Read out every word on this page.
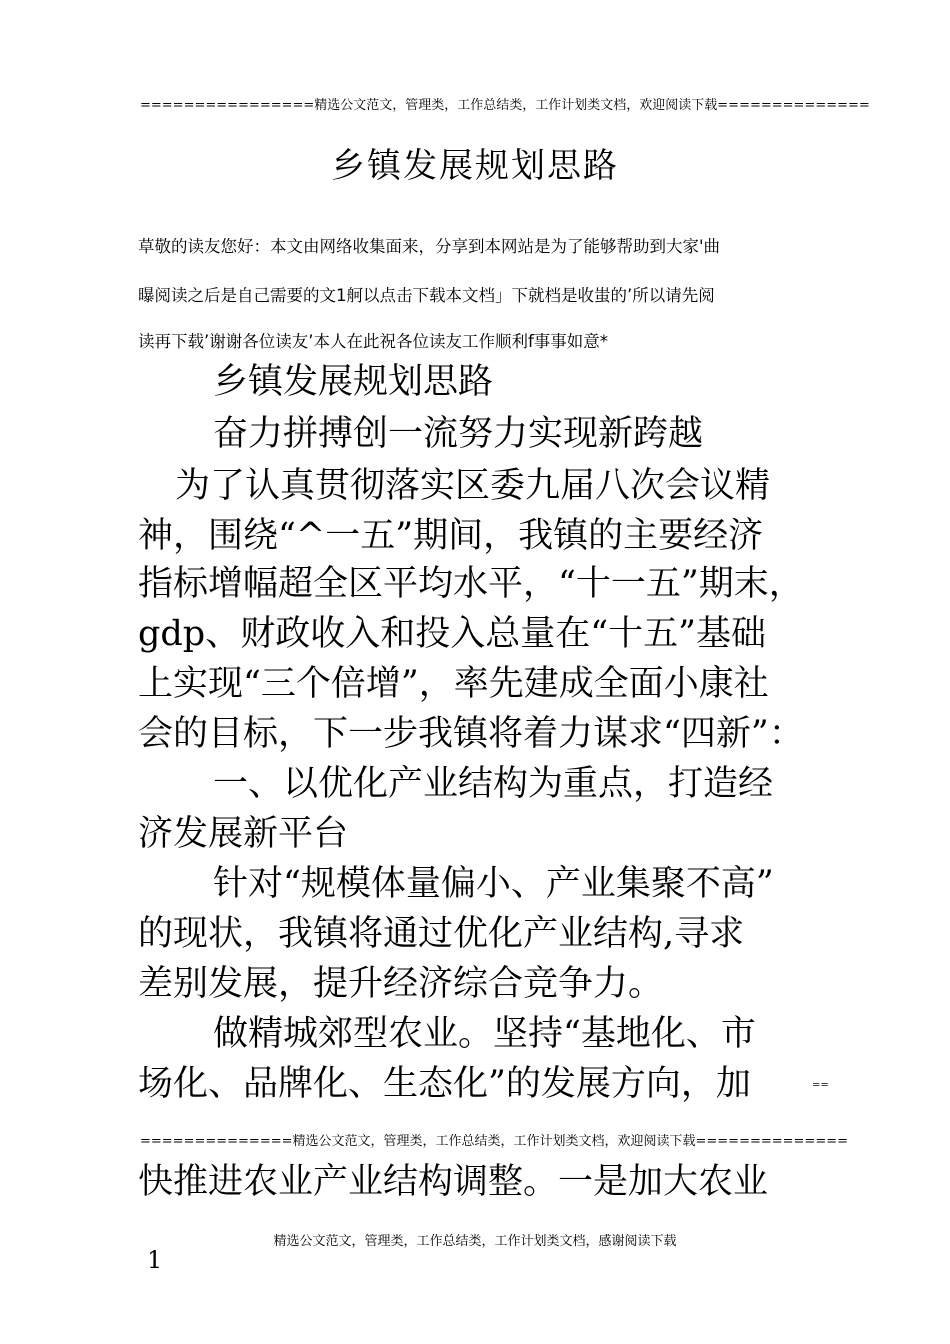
================精选公文范文，管理类，工作总结类，工作计划类文档，欢迎阅读下载==============
乡镇发展规划思路
草敬的读友您好：本文由网络收集面来，分享到本网站是为了能够帮助到大家'曲
曝阅读之后是自己需要的文1舸以点击下载本文档」下就档是收蚩的’所以请先阅
读再下载’谢谢各位读友’本人在此祝各位读友工作顺利f事事如意*
乡镇发展规划思路
奋力拼搏创一流努力实现新跨越
为了认真贯彻落实区委九届八次会议精
神，围绕“^一五”期间，我镇的主要经济
指标增幅超全区平均水平，“十一五”期末，
gdp、财政收入和投入总量在“十五”基础
上实现“三个倍增”，率先建成全面小康社
会的目标，下一步我镇将着力谋求“四新”：
一、以优化产业结构为重点，打造经
济发展新平台
针对“规模体量偏小、产业集聚不高”
的现状，我镇将通过优化产业结构,寻求
差别发展，提升经济综合竞争力。
做精城郊型农业。坚持“基地化、市
场化、品牌化、生态化”的发展方向，加	==
==============精选公文范文，管理类，工作总结类，工作计划类文档，欢迎阅读下载==============
快推进农业产业结构调整。一是加大农业
精选公文范文，管理类，工作总结类，工作计划类文档，感谢阅读下载
1
